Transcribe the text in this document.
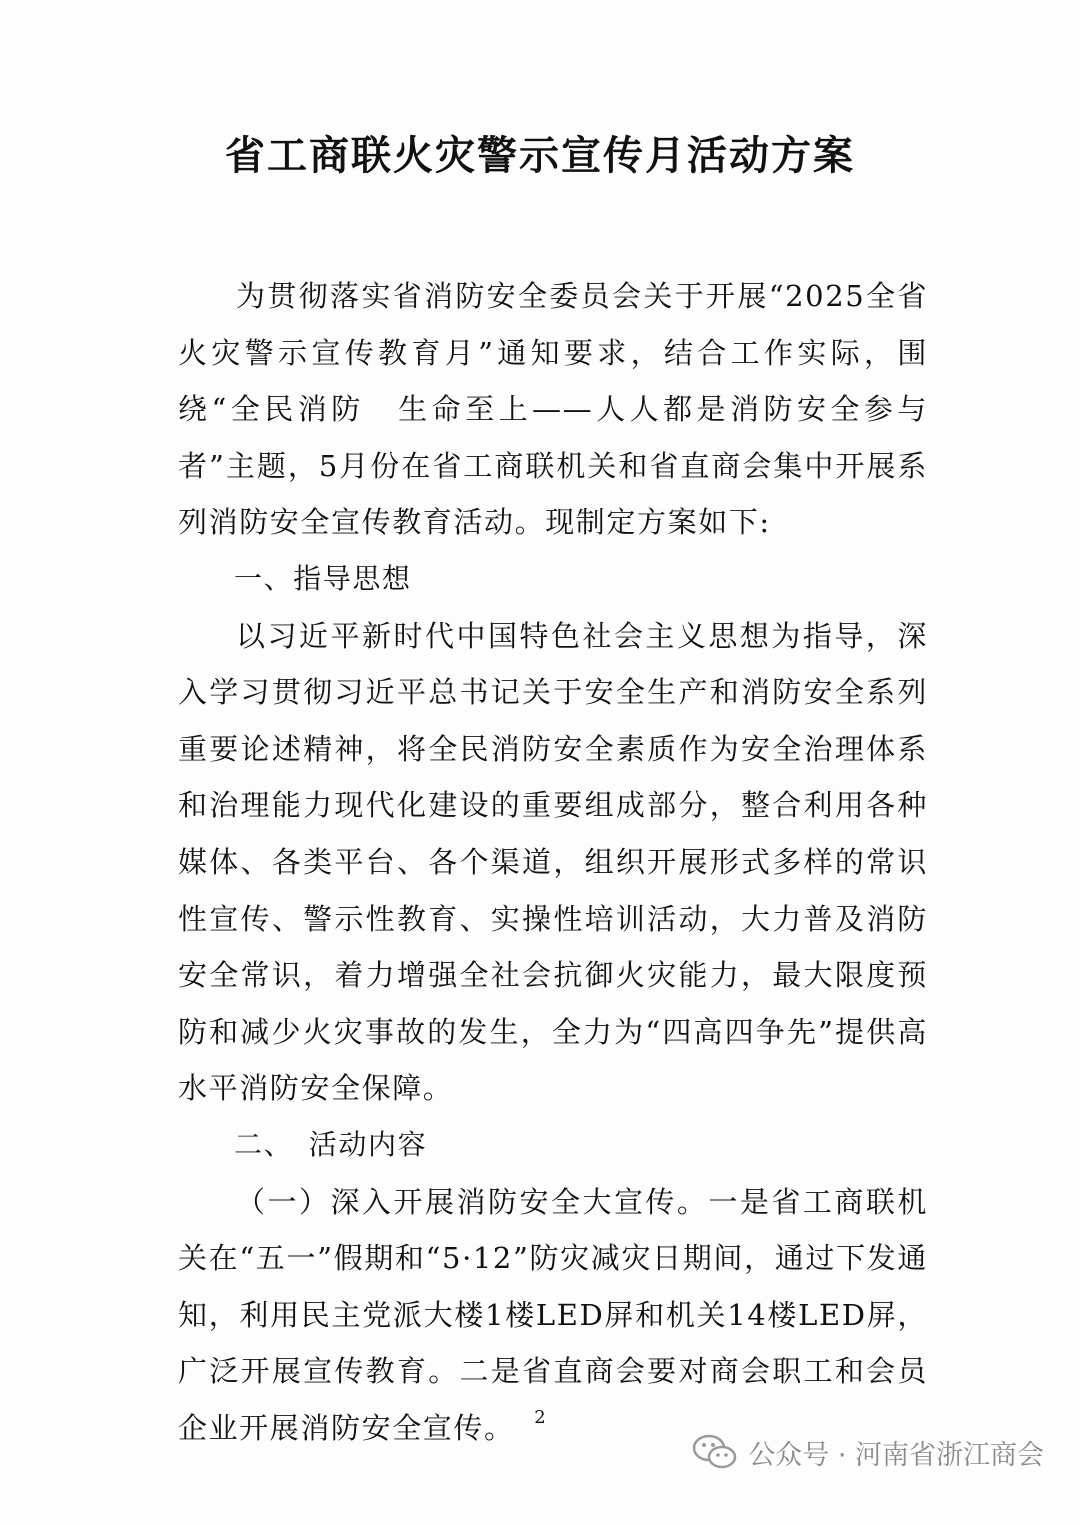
省工商联火灾警示宣传月活动方案

为贯彻落实省消防安全委员会关于开展“2025全省火灾警示宣传教育月”通知要求，结合工作实际，围绕“全民消防　生命至上——人人都是消防安全参与者”主题，5月份在省工商联机关和省直商会集中开展系列消防安全宣传教育活动。现制定方案如下:

一、指导思想

以习近平新时代中国特色社会主义思想为指导，深入学习贯彻习近平总书记关于安全生产和消防安全系列重要论述精神，将全民消防安全素质作为安全治理体系和治理能力现代化建设的重要组成部分，整合利用各种媒体、各类平台、各个渠道，组织开展形式多样的常识性宣传、警示性教育、实操性培训活动，大力普及消防安全常识，着力增强全社会抗御火灾能力，最大限度预防和减少火灾事故的发生，全力为“四高四争先”提供高水平消防安全保障。

二、　活动内容

（一）深入开展消防安全大宣传。一是省工商联机关在“五一”假期和“5·12”防灾减灾日期间，通过下发通知，利用民主党派大楼1楼LED屏和机关14楼LED屏，广泛开展宣传教育。二是省直商会要对商会职工和会员企业开展消防安全宣传。	2
公众号 · 河南省浙江商会
